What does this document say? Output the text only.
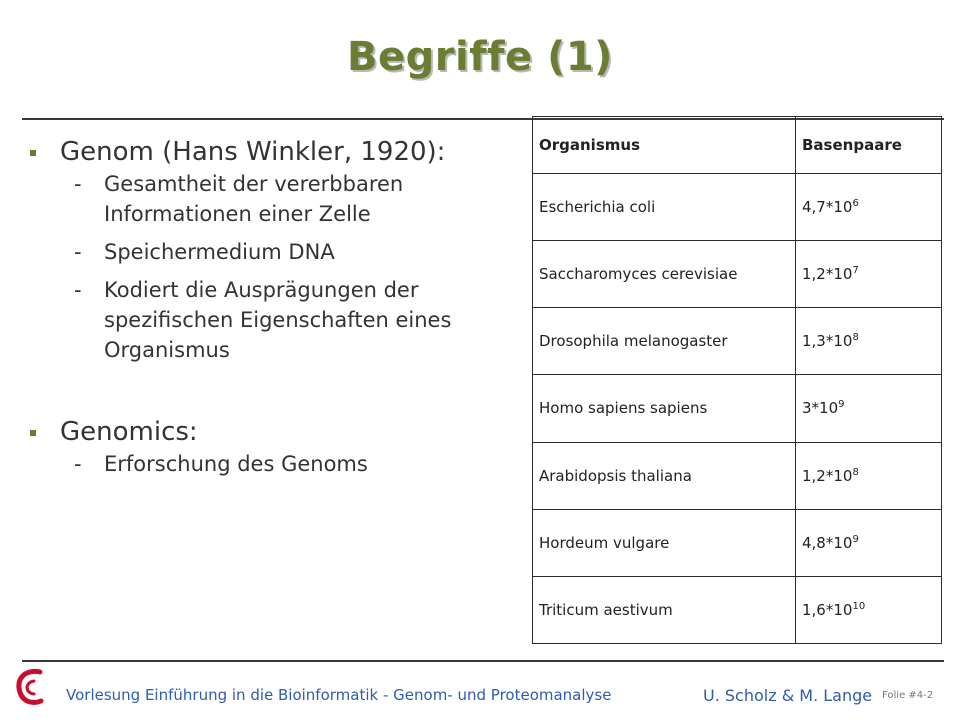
Begriffe (1)
Genom (Hans Winkler, 1920):
- Gesamtheit der vererbbaren Informationen einer Zelle
- Speichermedium DNA
- Kodiert die Ausprägungen der spezifischen Eigenschaften eines Organismus
Genomics:
- Erforschung des Genoms
Organismus	Basenpaare
Escherichia coli	$4,7*10^6$
Saccharomyces cerevisiae	$1,2*10^7$
Drosophila melanogaster	$1,3*10^8$
Homo sapiens sapiens	$3*10^9$
Arabidopsis thaliana	$1,2*10^8$
Hordeum vulgare	$4,8*10^9$
Triticum aestivum	$1,6*10^{10}$
Vorlesung Einführung in die Bioinformatik - Genom- und Proteomanalyse	U. Scholz & M. Lange Folie #4-2
